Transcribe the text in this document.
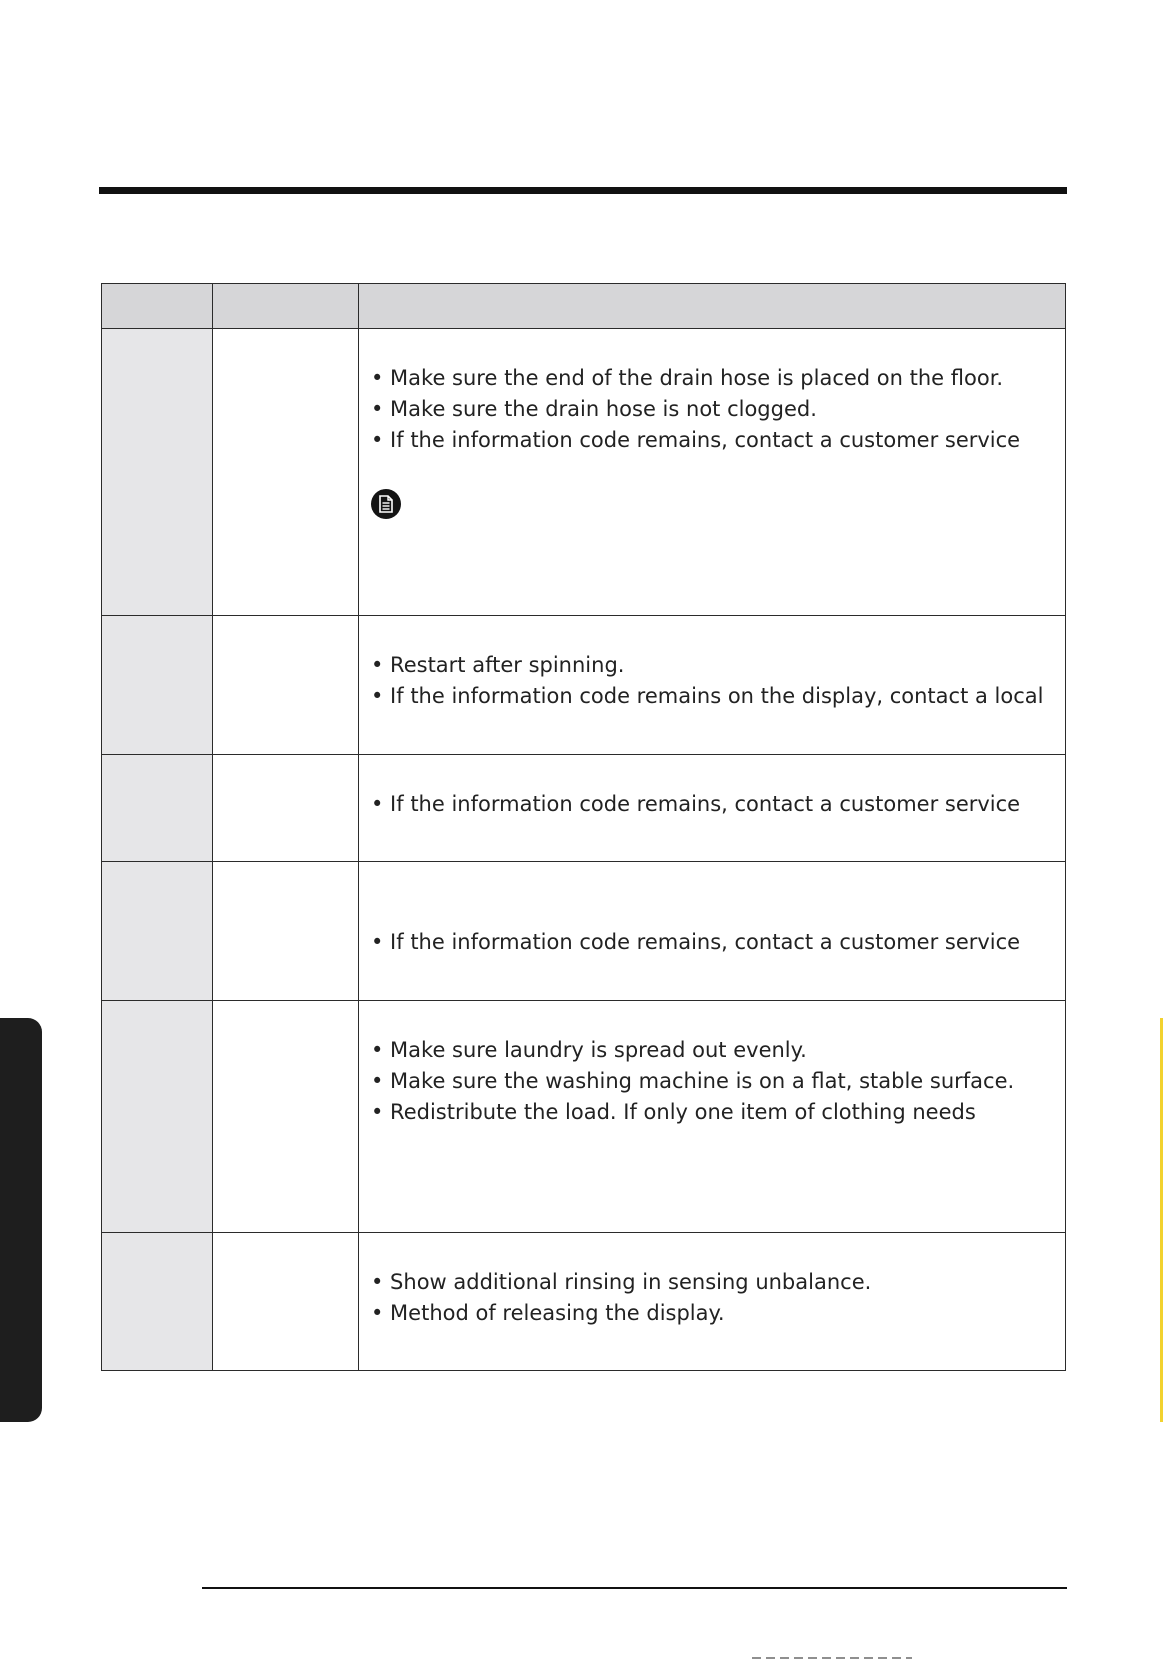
		• Make sure the end of the drain hose is placed on the floor.
• Make sure the drain hose is not clogged.
• If the information code remains, contact a customer service

		• Restart after spinning.
• If the information code remains on the display, contact a local

		• If the information code remains, contact a customer service

		• If the information code remains, contact a customer service

		• Make sure laundry is spread out evenly.
• Make sure the washing machine is on a flat, stable surface.
• Redistribute the load. If only one item of clothing needs

		• Show additional rinsing in sensing unbalance.
• Method of releasing the display.
